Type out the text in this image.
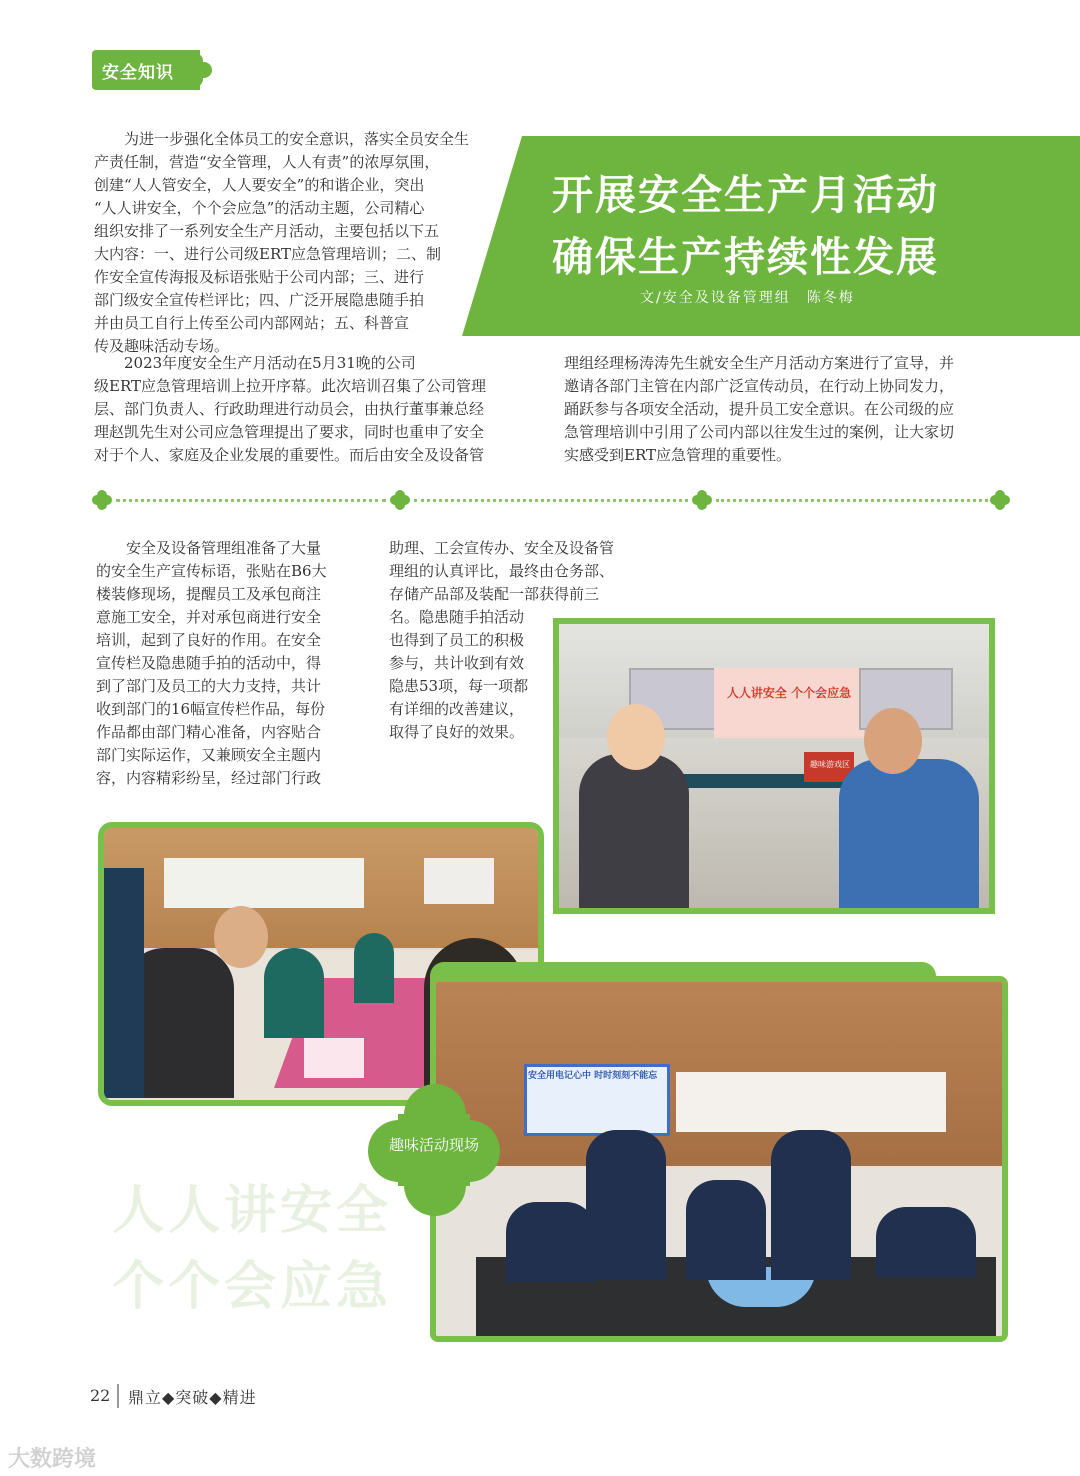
安全知识
开展安全生产月活动
确保生产持续性发展
文/安全及设备管理组　陈冬梅

为进一步强化全体员工的安全意识，落实全员安全生

产责任制，营造“安全管理，人人有责”的浓厚氛围，

创建“人人管安全，人人要安全”的和谐企业，突出

“人人讲安全，个个会应急”的活动主题，公司精心

组织安排了一系列安全生产月活动，主要包括以下五

大内容：一、进行公司级ERT应急管理培训；二、制

作安全宣传海报及标语张贴于公司内部；三、进行

部门级安全宣传栏评比；四、广泛开展隐患随手拍

并由员工自行上传至公司内部网站；五、科普宣

传及趣味活动专场。

2023年度安全生产月活动在5月31晚的公司

级ERT应急管理培训上拉开序幕。此次培训召集了公司管理

层、部门负责人、行政助理进行动员会，由执行董事兼总经

理赵凯先生对公司应急管理提出了要求，同时也重申了安全

对于个人、家庭及企业发展的重要性。而后由安全及设备管

理组经理杨涛涛先生就安全生产月活动方案进行了宣导，并

邀请各部门主管在内部广泛宣传动员，在行动上协同发力，

踊跃参与各项安全活动，提升员工安全意识。在公司级的应

急管理培训中引用了公司内部以往发生过的案例，让大家切

实感受到ERT应急管理的重要性。

安全及设备管理组准备了大量

的安全生产宣传标语，张贴在B6大

楼装修现场，提醒员工及承包商注

意施工安全，并对承包商进行安全

培训，起到了良好的作用。在安全

宣传栏及隐患随手拍的活动中，得

到了部门及员工的大力支持，共计

收到部门的16幅宣传栏作品，每份

作品都由部门精心准备，内容贴合

部门实际运作，又兼顾安全主题内

容，内容精彩纷呈，经过部门行政

助理、工会宣传办、安全及设备管

理组的认真评比，最终由仓务部、

存储产品部及装配一部获得前三

名。隐患随手拍活动

也得到了员工的积极

参与，共计收到有效

隐患53项，每一项都

有详细的改善建议，

取得了良好的效果。

人人讲安全 个个会应急
趣味游戏区
安全用电记心中 时时刻刻不能忘
趣味活动现场
人人讲安全
个个会应急
22 鼎立◆突破◆精进
大数跨境
